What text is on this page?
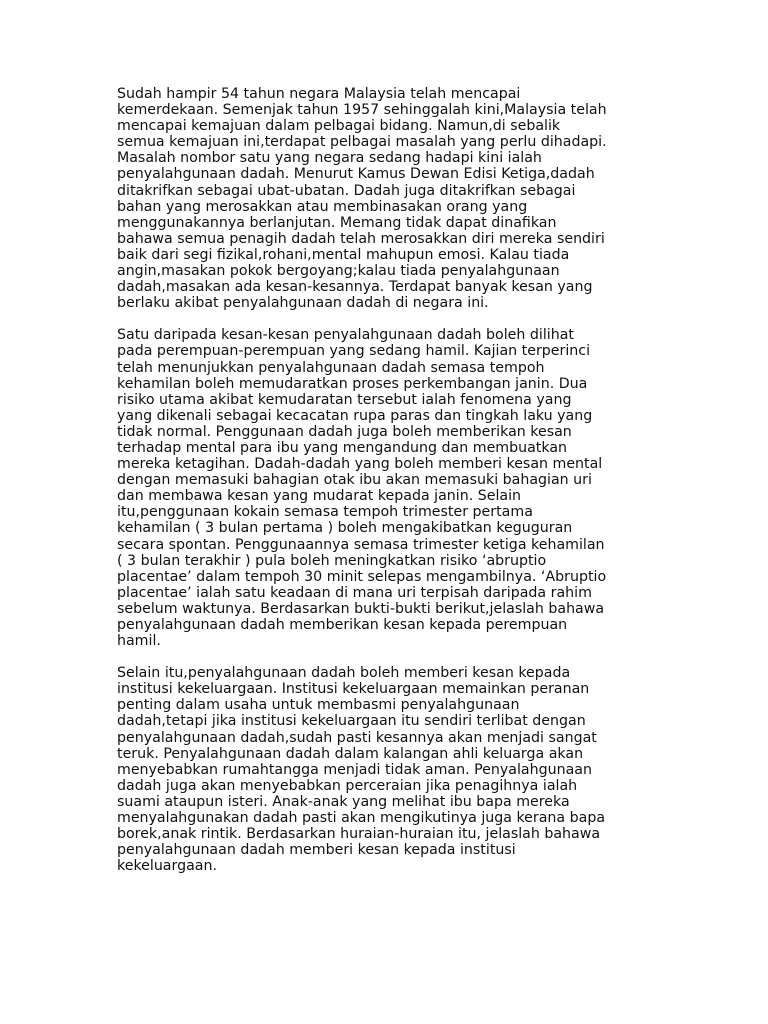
Sudah hampir 54 tahun negara Malaysia telah mencapai
kemerdekaan. Semenjak tahun 1957 sehinggalah kini,Malaysia telah
mencapai kemajuan dalam pelbagai bidang. Namun,di sebalik
semua kemajuan ini,terdapat pelbagai masalah yang perlu dihadapi.
Masalah nombor satu yang negara sedang hadapi kini ialah
penyalahgunaan dadah. Menurut Kamus Dewan Edisi Ketiga,dadah
ditakrifkan sebagai ubat-ubatan. Dadah juga ditakrifkan sebagai
bahan yang merosakkan atau membinasakan orang yang
menggunakannya berlanjutan. Memang tidak dapat dinafikan
bahawa semua penagih dadah telah merosakkan diri mereka sendiri
baik dari segi fizikal,rohani,mental mahupun emosi. Kalau tiada
angin,masakan pokok bergoyang;kalau tiada penyalahgunaan
dadah,masakan ada kesan-kesannya. Terdapat banyak kesan yang
berlaku akibat penyalahgunaan dadah di negara ini.
Satu daripada kesan-kesan penyalahgunaan dadah boleh dilihat
pada perempuan-perempuan yang sedang hamil. Kajian terperinci
telah menunjukkan penyalahgunaan dadah semasa tempoh
kehamilan boleh memudaratkan proses perkembangan janin. Dua
risiko utama akibat kemudaratan tersebut ialah fenomena yang
yang dikenali sebagai kecacatan rupa paras dan tingkah laku yang
tidak normal. Penggunaan dadah juga boleh memberikan kesan
terhadap mental para ibu yang mengandung dan membuatkan
mereka ketagihan. Dadah-dadah yang boleh memberi kesan mental
dengan memasuki bahagian otak ibu akan memasuki bahagian uri
dan membawa kesan yang mudarat kepada janin. Selain
itu,penggunaan kokain semasa tempoh trimester pertama
kehamilan ( 3 bulan pertama ) boleh mengakibatkan keguguran
secara spontan. Penggunaannya semasa trimester ketiga kehamilan
( 3 bulan terakhir ) pula boleh meningkatkan risiko ‘abruptio
placentae’ dalam tempoh 30 minit selepas mengambilnya. ‘Abruptio
placentae’ ialah satu keadaan di mana uri terpisah daripada rahim
sebelum waktunya. Berdasarkan bukti-bukti berikut,jelaslah bahawa
penyalahgunaan dadah memberikan kesan kepada perempuan
hamil.
Selain itu,penyalahgunaan dadah boleh memberi kesan kepada
institusi kekeluargaan. Institusi kekeluargaan memainkan peranan
penting dalam usaha untuk membasmi penyalahgunaan
dadah,tetapi jika institusi kekeluargaan itu sendiri terlibat dengan
penyalahgunaan dadah,sudah pasti kesannya akan menjadi sangat
teruk. Penyalahgunaan dadah dalam kalangan ahli keluarga akan
menyebabkan rumahtangga menjadi tidak aman. Penyalahgunaan
dadah juga akan menyebabkan perceraian jika penagihnya ialah
suami ataupun isteri. Anak-anak yang melihat ibu bapa mereka
menyalahgunakan dadah pasti akan mengikutinya juga kerana bapa
borek,anak rintik. Berdasarkan huraian-huraian itu, jelaslah bahawa
penyalahgunaan dadah memberi kesan kepada institusi
kekeluargaan.
